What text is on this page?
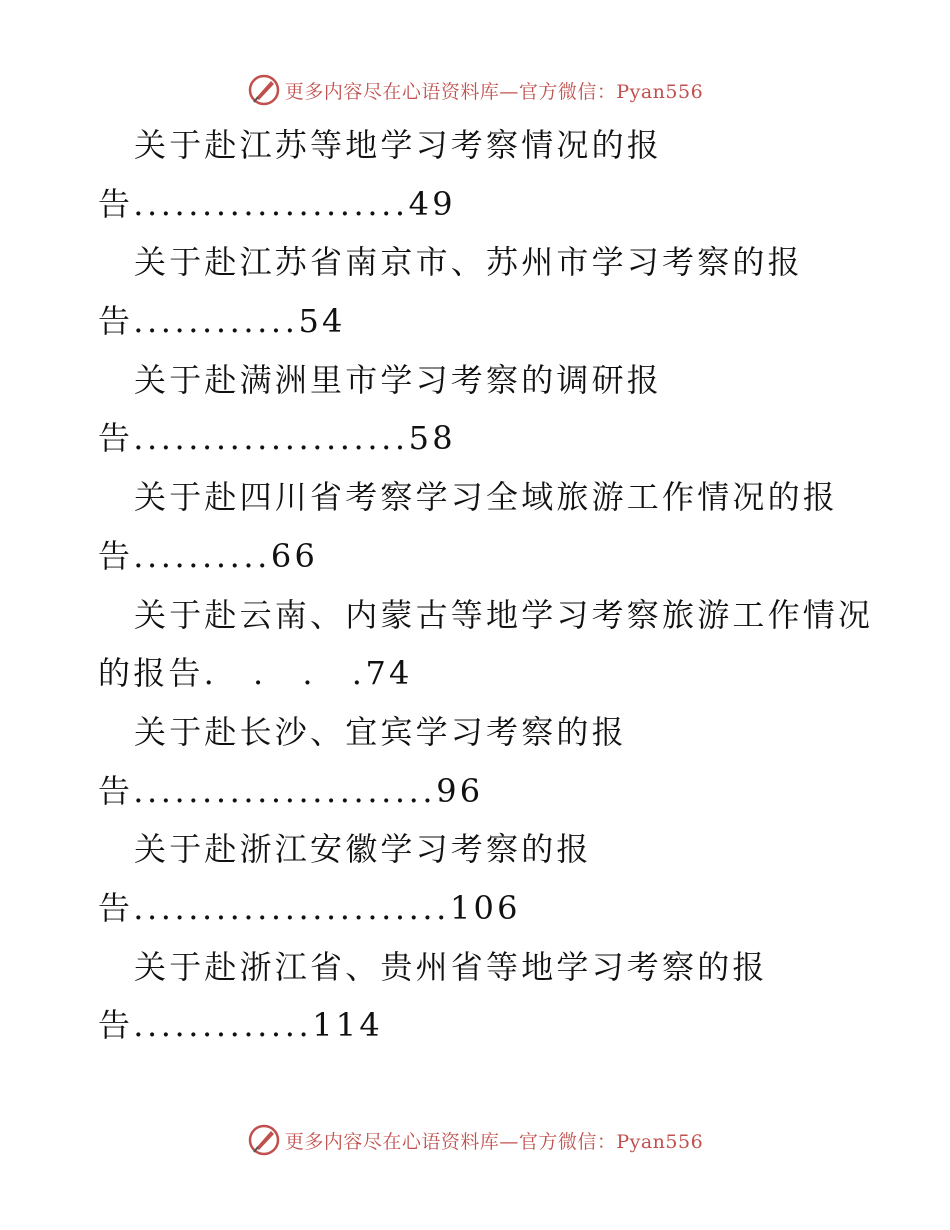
更多内容尽在心语资料库—官方微信：Pyan556
关于赴江苏等地学习考察情况的报
告....................49
关于赴江苏省南京市、苏州市学习考察的报
告............54
关于赴满洲里市学习考察的调研报
告....................58
关于赴四川省考察学习全域旅游工作情况的报
告..........66
关于赴云南、内蒙古等地学习考察旅游工作情况
的报告.　.　.　.74
关于赴长沙、宜宾学习考察的报
告......................96
关于赴浙江安徽学习考察的报
告.......................106
关于赴浙江省、贵州省等地学习考察的报
告.............114
更多内容尽在心语资料库—官方微信：Pyan556
